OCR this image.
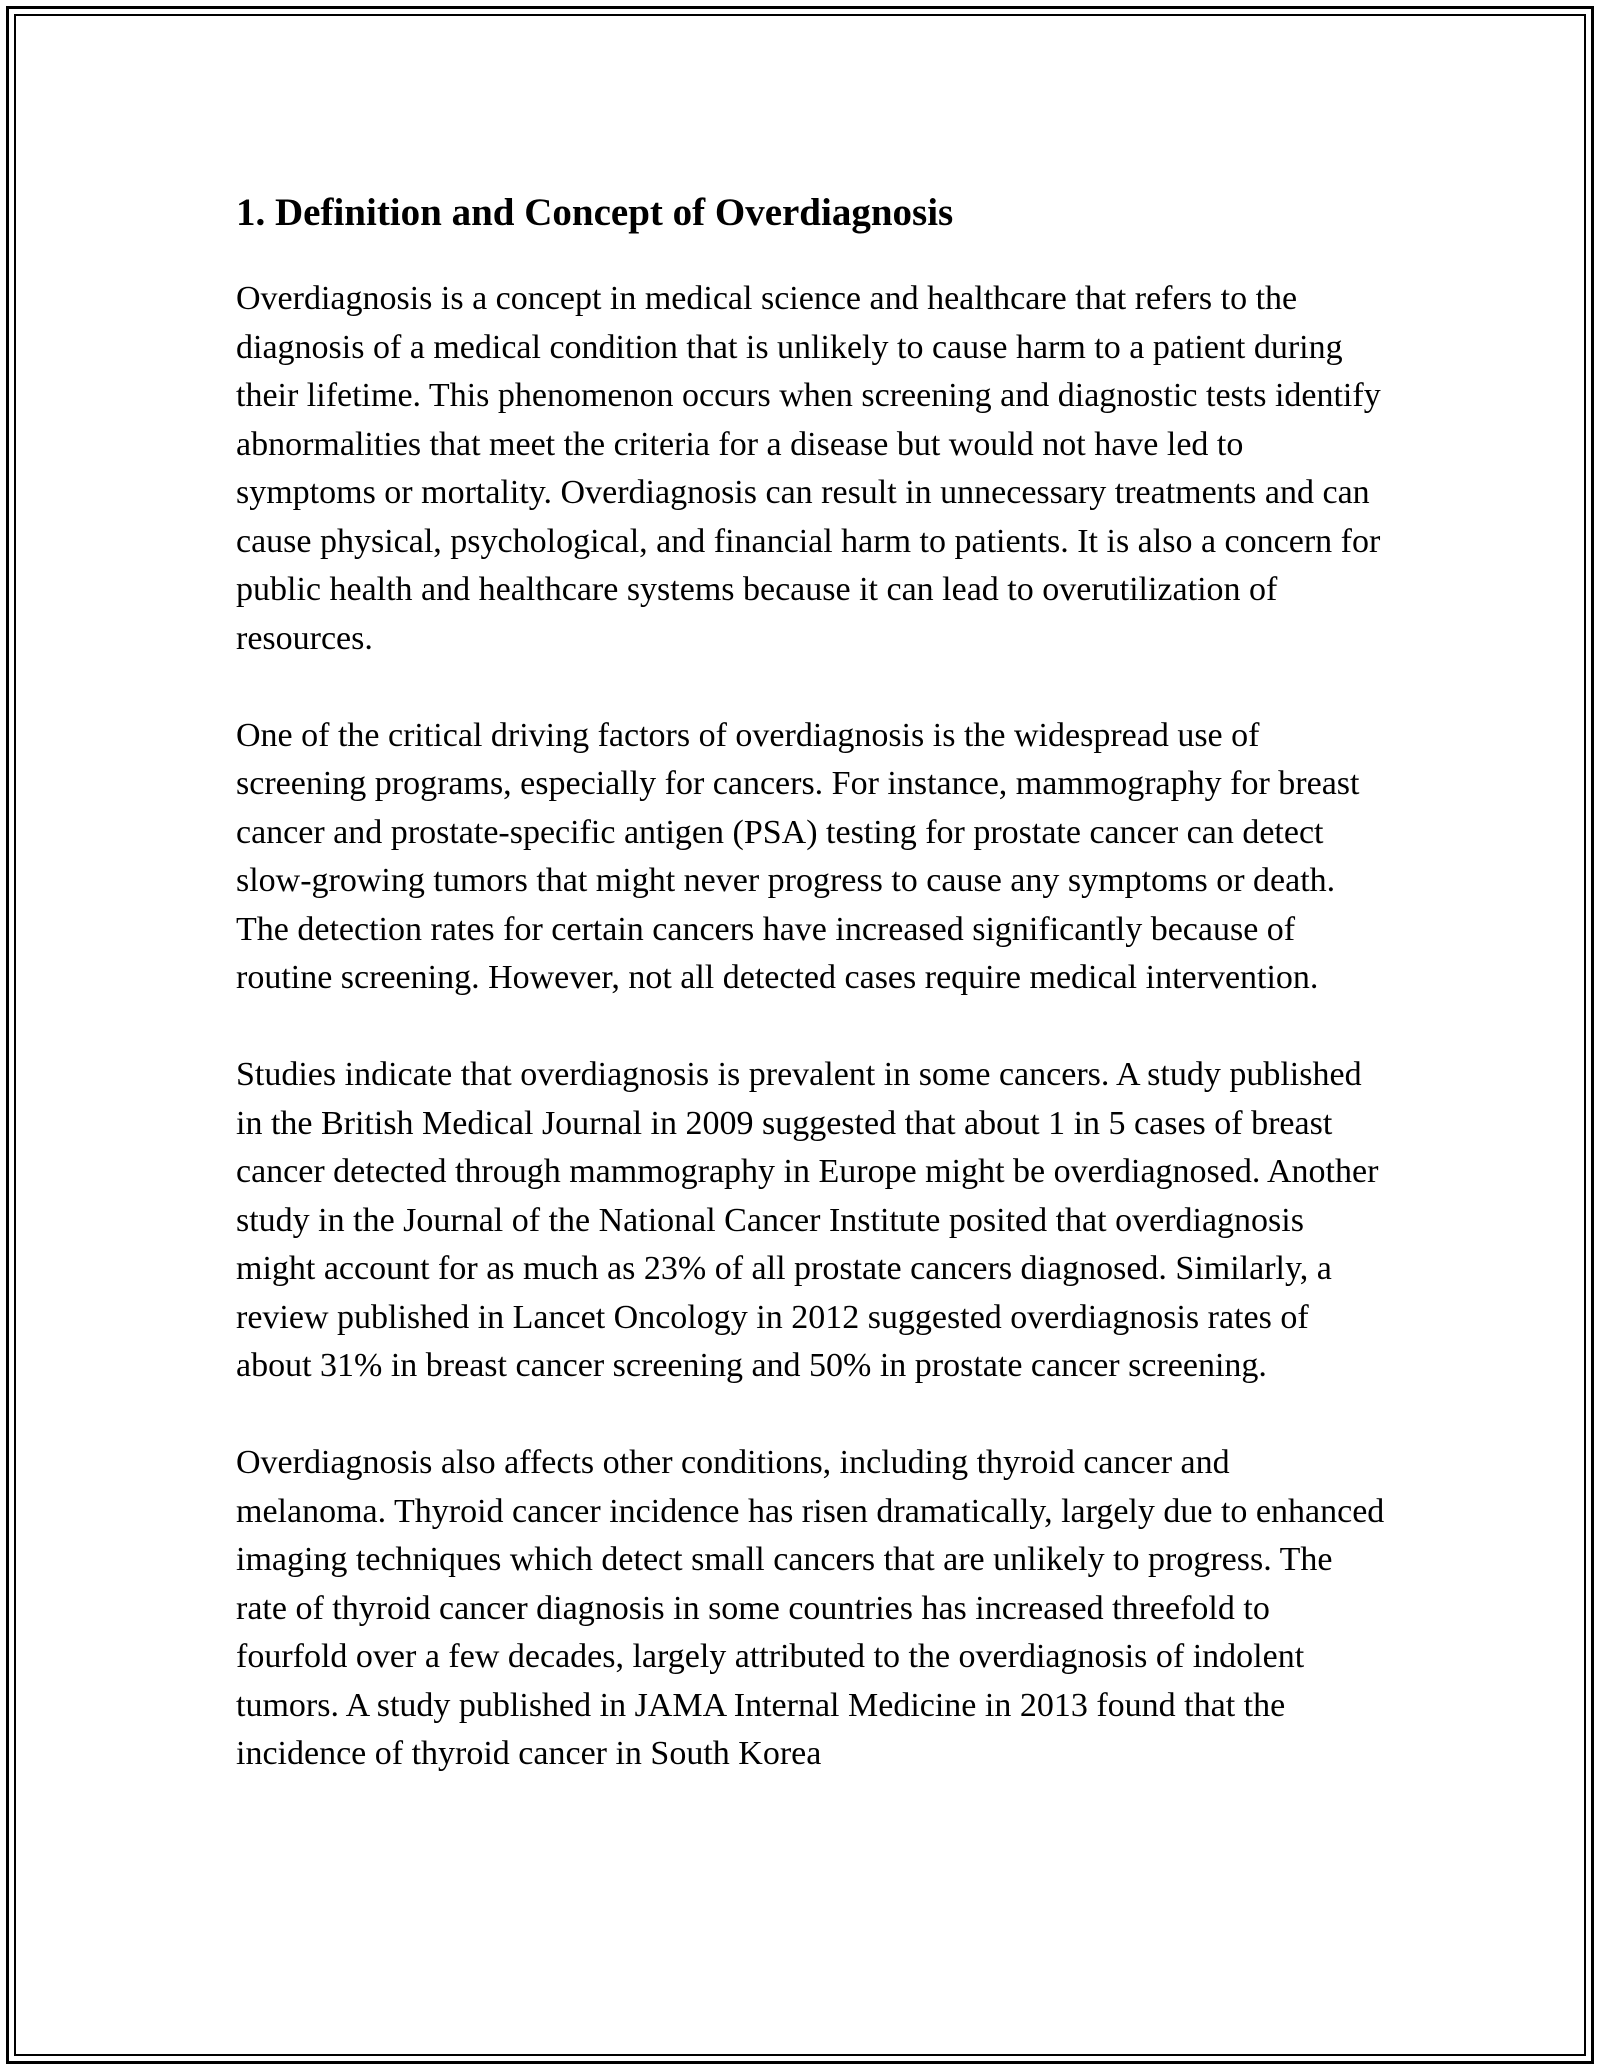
1. Definition and Concept of Overdiagnosis

Overdiagnosis is a concept in medical science and healthcare that refers to the diagnosis of a medical condition that is unlikely to cause harm to a patient during their lifetime. This phenomenon occurs when screening and diagnostic tests identify abnormalities that meet the criteria for a disease but would not have led to symptoms or mortality. Overdiagnosis can result in unnecessary treatments and can cause physical, psychological, and financial harm to patients. It is also a concern for public health and healthcare systems because it can lead to overutilization of resources.

One of the critical driving factors of overdiagnosis is the widespread use of screening programs, especially for cancers. For instance, mammography for breast cancer and prostate-specific antigen (PSA) testing for prostate cancer can detect slow-growing tumors that might never progress to cause any symptoms or death. The detection rates for certain cancers have increased significantly because of routine screening. However, not all detected cases require medical intervention.

Studies indicate that overdiagnosis is prevalent in some cancers. A study published in the British Medical Journal in 2009 suggested that about 1 in 5 cases of breast cancer detected through mammography in Europe might be overdiagnosed. Another study in the Journal of the National Cancer Institute posited that overdiagnosis might account for as much as 23% of all prostate cancers diagnosed. Similarly, a review published in Lancet Oncology in 2012 suggested overdiagnosis rates of about 31% in breast cancer screening and 50% in prostate cancer screening.

Overdiagnosis also affects other conditions, including thyroid cancer and melanoma. Thyroid cancer incidence has risen dramatically, largely due to enhanced imaging techniques which detect small cancers that are unlikely to progress. The rate of thyroid cancer diagnosis in some countries has increased threefold to fourfold over a few decades, largely attributed to the overdiagnosis of indolent tumors. A study published in JAMA Internal Medicine in 2013 found that the incidence of thyroid cancer in South Korea
